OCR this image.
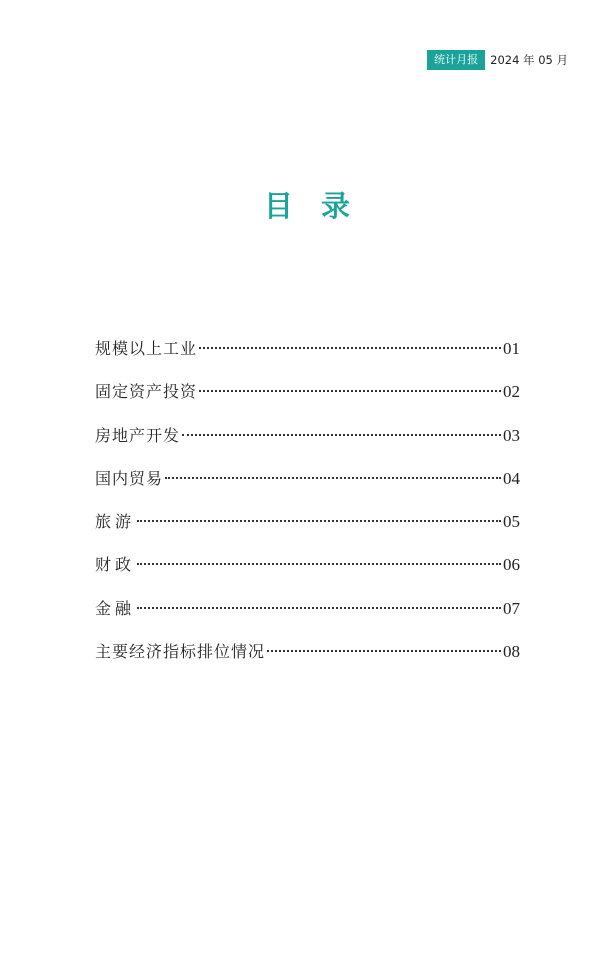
统计月报	2024 年 05 月
目录
规模以上工业	01
固定资产投资	02
房地产开发	03
国内贸易	04
旅游	05
财政	06
金融	07
主要经济指标排位情况	08
